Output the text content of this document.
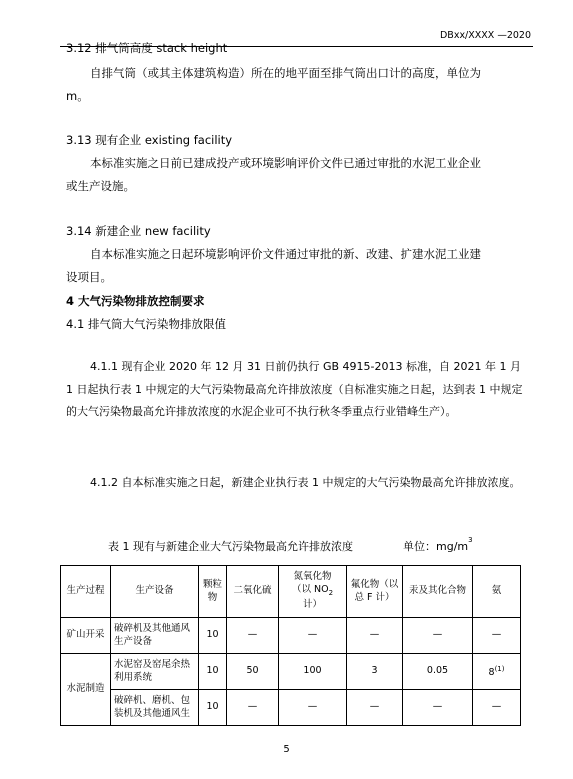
DBxx/XXXX —2020
3.12 排气筒高度 stack height
自排气筒（或其主体建筑构造）所在的地平面至排气筒出口计的高度，单位为
m。
3.13 现有企业 existing facility
本标准实施之日前已建成投产或环境影响评价文件已通过审批的水泥工业企业
或生产设施。
3.14 新建企业 new facility
自本标准实施之日起环境影响评价文件通过审批的新、改建、扩建水泥工业建
设项目。
4 大气污染物排放控制要求
4.1 排气筒大气污染物排放限值
4.1.1 现有企业 2020 年 12 月 31 日前仍执行 GB 4915-2013 标准，自 2021 年 1 月 1 日起执行表 1 中规定的大气污染物最高允许排放浓度（自标准实施之日起，达到表 1 中规定的大气污染物最高允许排放浓度的水泥企业可不执行秋冬季重点行业错峰生产）。
4.1.2 自本标准实施之日起，新建企业执行表 1 中规定的大气污染物最高允许排放浓度。
表 1 现有与新建企业大气污染物最高允许排放浓度	单位：$mg/m^3$
生产过程	生产设备	颗粒物	二氧化硫	氮氧化物
（以 $NO_2$
计）	氟化物（以总 F 计）	汞及其化合物	氨
矿山开采	破碎机及其他通风生产设备	10	—	—	—	—	—
水泥制造	水泥窑及窑尾余热利用系统	10	50	100	3	0.05	8$^{(1)}$
	破碎机、磨机、包装机及其他通风生	10	—	—	—	—	—
5
